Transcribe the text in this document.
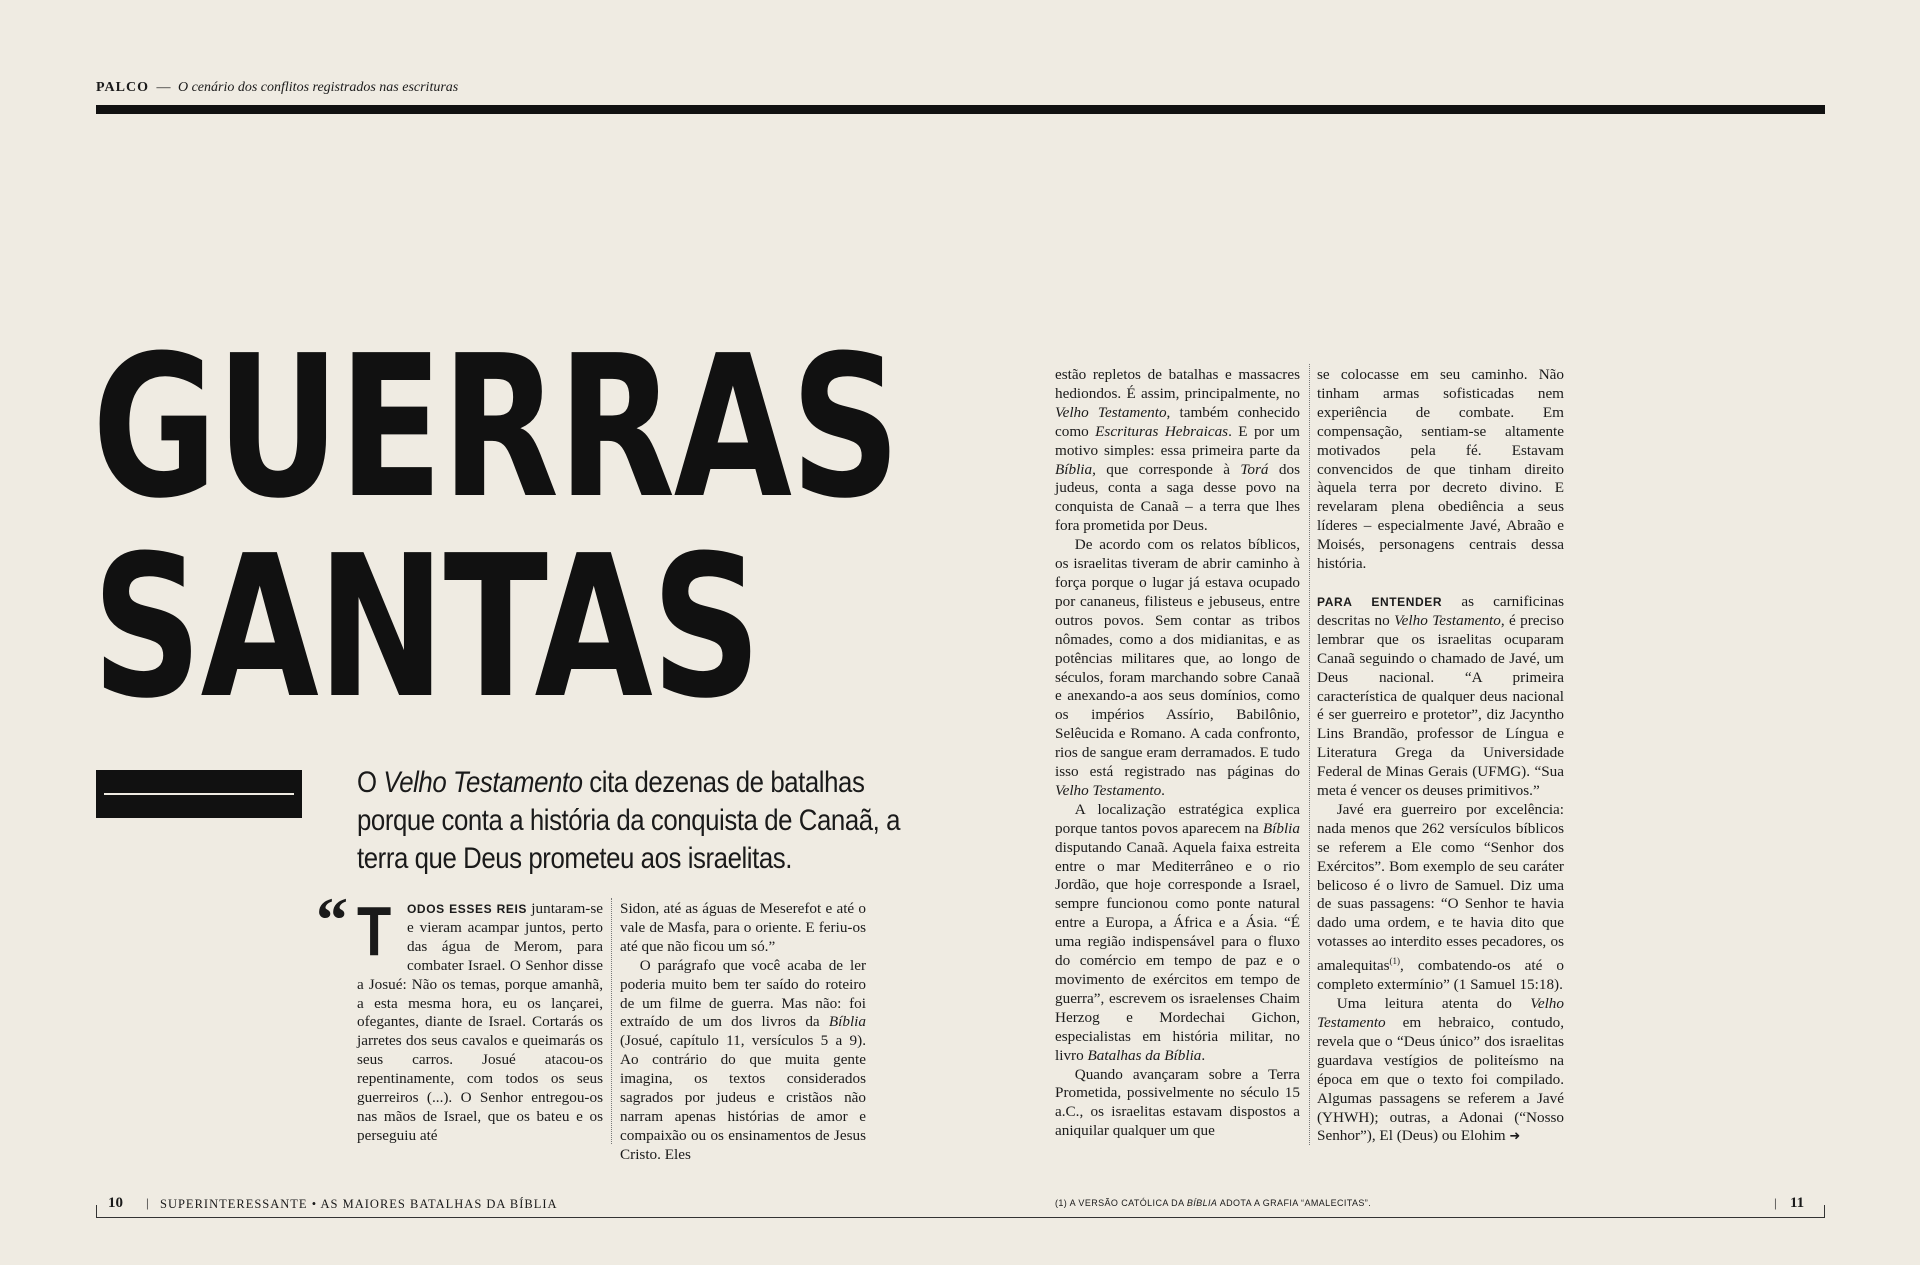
PALCO — O cenário dos conflitos registrados nas escrituras
GUERRAS
SANTAS
O Velho Testamento cita dezenas de batalhas porque conta a história da conquista de Canaã, a terra que Deus prometeu aos israelitas.
“ T ODOS ESSES REIS juntaram-se e vieram acampar juntos, perto das água de Merom, para combater Israel. O Senhor disse a Josué: Não os temas, porque amanhã, a esta mesma hora, eu os lançarei, ofegantes, diante de Israel. Cortarás os jarretes dos seus cavalos e queimarás os seus carros. Josué atacou-os repentinamente, com todos os seus guerreiros (...). O Senhor entregou-os nas mãos de Israel, que os bateu e os perseguiu até

Sidon, até as águas de Meserefot e até o vale de Masfa, para o oriente. E feriu-os até que não ficou um só.”

O parágrafo que você acaba de ler poderia muito bem ter saído do roteiro de um filme de guerra. Mas não: foi extraído de um dos livros da Bíblia (Josué, capítulo 11, versículos 5 a 9). Ao contrário do que muita gente imagina, os textos considerados sagrados por judeus e cristãos não narram apenas histórias de amor e compaixão ou os ensinamentos de Jesus Cristo. Eles

estão repletos de batalhas e massacres hediondos. É assim, principalmente, no Velho Testamento, também conhecido como Escrituras Hebraicas. E por um motivo simples: essa primeira parte da Bíblia, que corresponde à Torá dos judeus, conta a saga desse povo na conquista de Canaã – a terra que lhes fora prometida por Deus.

De acordo com os relatos bíblicos, os israelitas tiveram de abrir caminho à força porque o lugar já estava ocupado por cananeus, filisteus e jebuseus, entre outros povos. Sem contar as tribos nômades, como a dos midianitas, e as potências militares que, ao longo de séculos, foram marchando sobre Canaã e anexando-a aos seus domínios, como os impérios Assírio, Babilônio, Selêucida e Romano. A cada confronto, rios de sangue eram derramados. E tudo isso está registrado nas páginas do Velho Testamento.

A localização estratégica explica porque tantos povos aparecem na Bíblia disputando Canaã. Aquela faixa estreita entre o mar Mediterrâneo e o rio Jordão, que hoje corresponde a Israel, sempre funcionou como ponte natural entre a Europa, a África e a Ásia. “É uma região indispensável para o fluxo do comércio em tempo de paz e o movimento de exércitos em tempo de guerra”, escrevem os israelenses Chaim Herzog e Mordechai Gichon, especialistas em história militar, no livro Batalhas da Bíblia.

Quando avançaram sobre a Terra Prometida, possivelmente no século 15 a.C., os israelitas estavam dispostos a aniquilar qualquer um que

se colocasse em seu caminho. Não tinham armas sofisticadas nem experiência de combate. Em compensação, sentiam-se altamente motivados pela fé. Estavam convencidos de que tinham direito àquela terra por decreto divino. E revelaram plena obediência a seus líderes – especialmente Javé, Abraão e Moisés, personagens centrais dessa história.

PARA ENTENDER as carnificinas descritas no Velho Testamento, é preciso lembrar que os israelitas ocuparam Canaã seguindo o chamado de Javé, um Deus nacional. “A primeira característica de qualquer deus nacional é ser guerreiro e protetor”, diz Jacyntho Lins Brandão, professor de Língua e Literatura Grega da Universidade Federal de Minas Gerais (UFMG). “Sua meta é vencer os deuses primitivos.”

Javé era guerreiro por excelência: nada menos que 262 versículos bíblicos se referem a Ele como “Senhor dos Exércitos”. Bom exemplo de seu caráter belicoso é o livro de Samuel. Diz uma de suas passagens: “O Senhor te havia dado uma ordem, e te havia dito que votasses ao interdito esses pecadores, os amalequitas$^{(1)}$, combatendo-os até o completo extermínio” (1 Samuel 15:18).

Uma leitura atenta do Velho Testamento em hebraico, contudo, revela que o “Deus único” dos israelitas guardava vestígios de politeísmo na época em que o texto foi compilado. Algumas passagens se referem a Javé (YHWH); outras, a Adonai (“Nosso Senhor”), El (Deus) ou Elohim ➜

10 | SUPERINTERESSANTE • AS MAIORES BATALHAS DA BÍBLIA	(1) A VERSÃO CATÓLICA DA BÍBLIA ADOTA A GRAFIA “AMALECITAS”.	| 11
